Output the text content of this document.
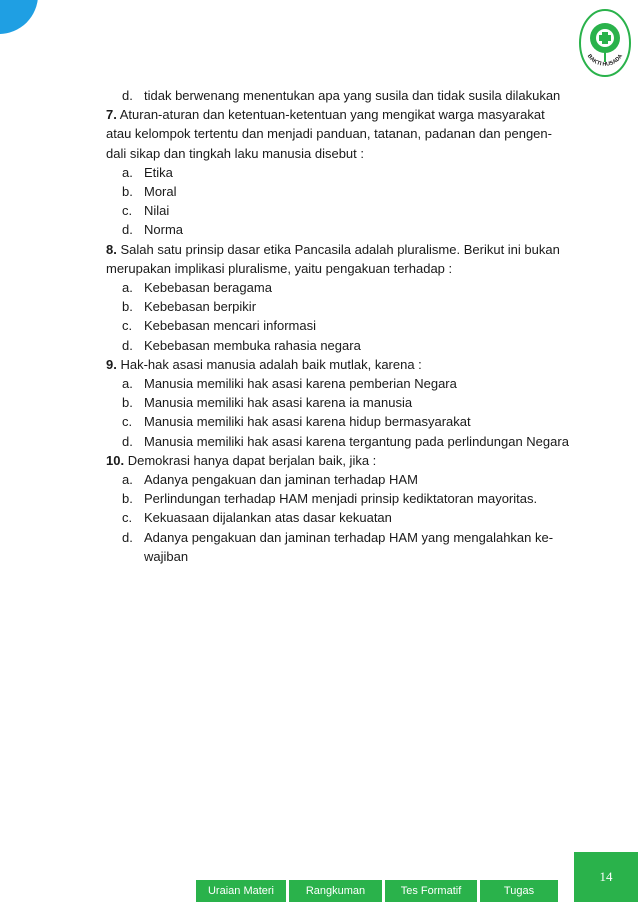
BAKTI HUSADA
d. tidak berwenang menentukan apa yang susila dan tidak susila dilakukan

7. Aturan-aturan dan ketentuan-ketentuan yang mengikat warga masyarakat

atau kelompok tertentu dan menjadi panduan, tatanan, padanan dan pengen-

dali sikap dan tingkah laku manusia disebut :

a. Etika
b. Moral
c. Nilai
d. Norma

8. Salah satu prinsip dasar etika Pancasila adalah pluralisme. Berikut ini bukan

merupakan implikasi pluralisme, yaitu pengakuan terhadap :

a. Kebebasan beragama
b. Kebebasan berpikir
c. Kebebasan mencari informasi
d. Kebebasan membuka rahasia negara

9. Hak-hak asasi manusia adalah baik mutlak, karena :

a. Manusia memiliki hak asasi karena pemberian Negara
b. Manusia memiliki hak asasi karena ia manusia
c. Manusia memiliki hak asasi karena hidup bermasyarakat
d. Manusia memiliki hak asasi karena tergantung pada perlindungan Negara

10. Demokrasi hanya dapat berjalan baik, jika :

a. Adanya pengakuan dan jaminan terhadap HAM
b. Perlindungan terhadap HAM menjadi prinsip kediktatoran mayoritas.
c. Kekuasaan dijalankan atas dasar kekuatan
d. Adanya pengakuan dan jaminan terhadap HAM yang mengalahkan ke-
wajiban
14
Uraian Materi	Rangkuman	Tes Formatif	Tugas
